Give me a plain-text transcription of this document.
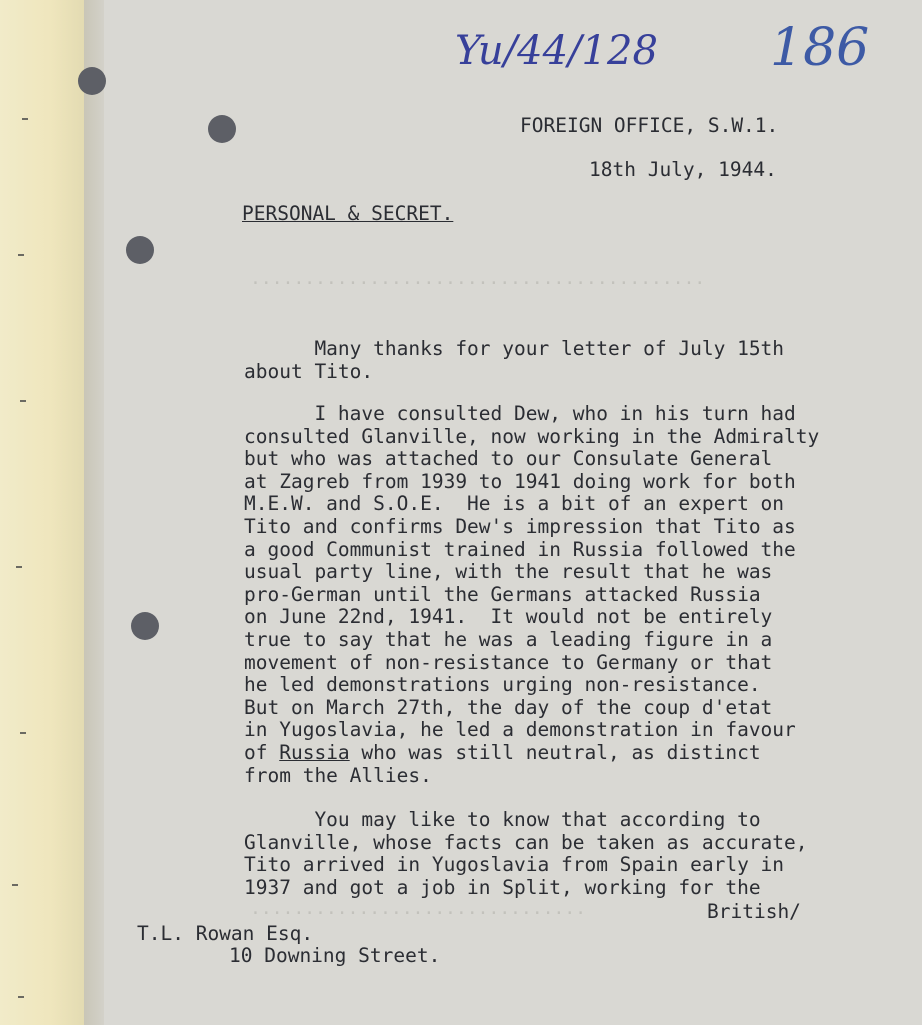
..........................................
...............................
Yu/44/128 186
FOREIGN OFFICE, S.W.1.
18th July, 1944.
PERSONAL & SECRET.
Many thanks for your letter of July 15th
about Tito.
I have consulted Dew, who in his turn had
consulted Glanville, now working in the Admiralty
but who was attached to our Consulate General
at Zagreb from 1939 to 1941 doing work for both
M.E.W. and S.O.E.  He is a bit of an expert on
Tito and confirms Dew's impression that Tito as
a good Communist trained in Russia followed the
usual party line, with the result that he was
pro-German until the Germans attacked Russia
on June 22nd, 1941.  It would not be entirely
true to say that he was a leading figure in a
movement of non-resistance to Germany or that
he led demonstrations urging non-resistance.
But on March 27th, the day of the coup d'etat
in Yugoslavia, he led a demonstration in favour
of Russia who was still neutral, as distinct
from the Allies.
You may like to know that according to
Glanville, whose facts can be taken as accurate,
Tito arrived in Yugoslavia from Spain early in
1937 and got a job in Split, working for the
British/
T.L. Rowan Esq.
10 Downing Street.
